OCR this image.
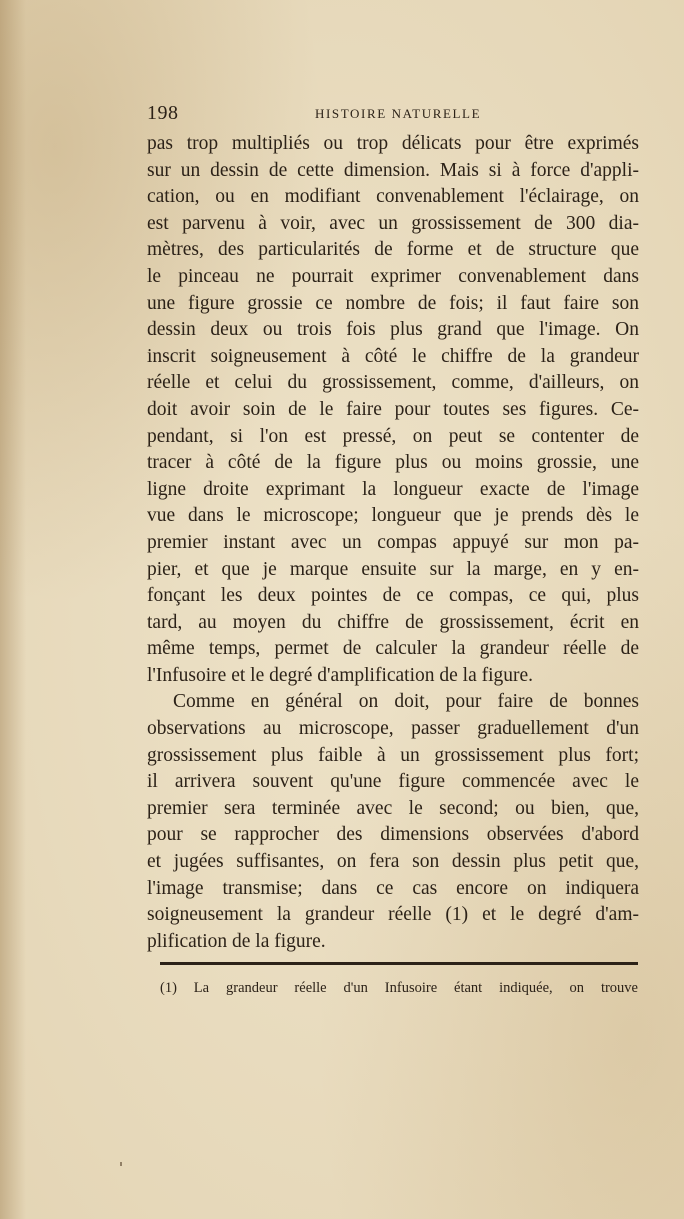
198	HISTOIRE NATURELLE
pas trop multipliés ou trop délicats pour être exprimés
sur un dessin de cette dimension. Mais si à force d'appli-
cation, ou en modifiant convenablement l'éclairage, on
est parvenu à voir, avec un grossissement de 300 dia-
mètres, des particularités de forme et de structure que
le pinceau ne pourrait exprimer convenablement dans
une figure grossie ce nombre de fois; il faut faire son
dessin deux ou trois fois plus grand que l'image. On
inscrit soigneusement à côté le chiffre de la grandeur
réelle et celui du grossissement, comme, d'ailleurs, on
doit avoir soin de le faire pour toutes ses figures. Ce-
pendant, si l'on est pressé, on peut se contenter de
tracer à côté de la figure plus ou moins grossie, une
ligne droite exprimant la longueur exacte de l'image
vue dans le microscope; longueur que je prends dès le
premier instant avec un compas appuyé sur mon pa-
pier, et que je marque ensuite sur la marge, en y en-
fonçant les deux pointes de ce compas, ce qui, plus
tard, au moyen du chiffre de grossissement, écrit en
même temps, permet de calculer la grandeur réelle de
l'Infusoire et le degré d'amplification de la figure.
Comme en général on doit, pour faire de bonnes
observations au microscope, passer graduellement d'un
grossissement plus faible à un grossissement plus fort;
il arrivera souvent qu'une figure commencée avec le
premier sera terminée avec le second; ou bien, que,
pour se rapprocher des dimensions observées d'abord
et jugées suffisantes, on fera son dessin plus petit que,
l'image transmise; dans ce cas encore on indiquera
soigneusement la grandeur réelle (1) et le degré d'am-
plification de la figure.
(1) La grandeur réelle d'un Infusoire étant indiquée, on trouve
